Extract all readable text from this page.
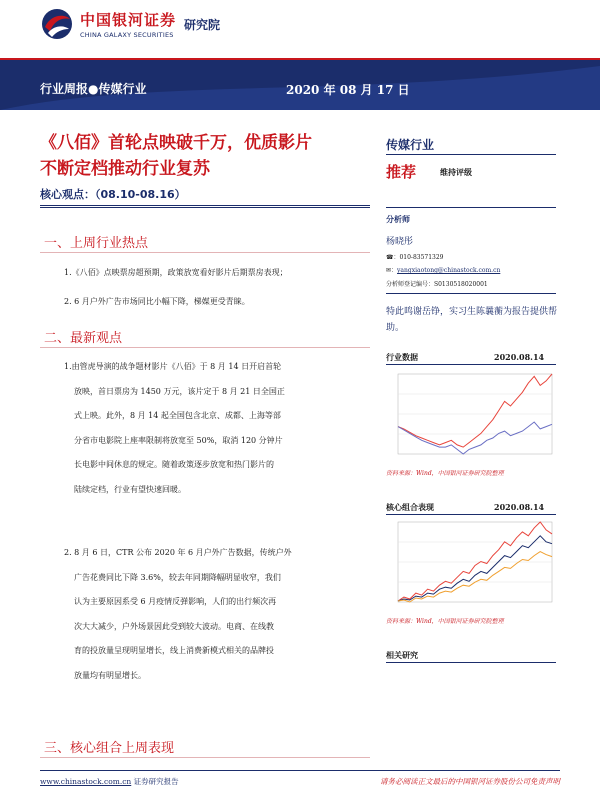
中国银河证券
CHINA GALAXY SECURITIES
研究院
行业周报●传媒行业	2020 年 08 月 17 日
《八佰》首轮点映破千万，优质影片
不断定档推动行业复苏
核心观点：（08.10-08.16）
一、上周行业热点
1.《八佰》点映票房超预期，政策放宽看好影片后期票房表现；
2. 6 月户外广告市场同比小幅下降，梯媒更受青睐。
二、最新观点
1.由管虎导演的战争题材影片《八佰》于 8 月 14 日开启首轮
放映，首日票房为 1450 万元，该片定于 8 月 21 日全国正
式上映。此外，8 月 14 起全国包含北京、成都、上海等部
分省市电影院上座率限制将放宽至 50%，取消 120 分钟片
长电影中间休息的规定。随着政策逐步放宽和热门影片的
陆续定档，行业有望快速回暖。
2. 8 月 6 日，CTR 公布 2020 年 6 月户外广告数据，传统户外
广告花费同比下降 3.6%，较去年同期降幅明显收窄，我们
认为主要原因系受 6 月疫情反弹影响，人们的出行频次再
次大大减少，户外场景因此受到较大波动。电商、在线教
育的投放量呈现明显增长，线上消费新模式相关的品牌投
放量均有明显增长。
三、核心组合上周表现
传媒行业
推荐	维持评级
分析师
杨晓彤
☎：010-83571329
✉：yangxiaotong@chinastock.com.cn
分析师登记编号：S0130518020001
特此鸣谢岳铮，实习生陈曩蘅为报告提供帮助。
行业数据	2020.08.14
资料来源：Wind，中国银河证券研究院整理
核心组合表现	2020.08.14
资料来源：Wind，中国银河证券研究院整理
相关研究
www.chinastock.com.cn 证券研究报告	请务必阅读正文最后的中国银河证券股份公司免责声明
